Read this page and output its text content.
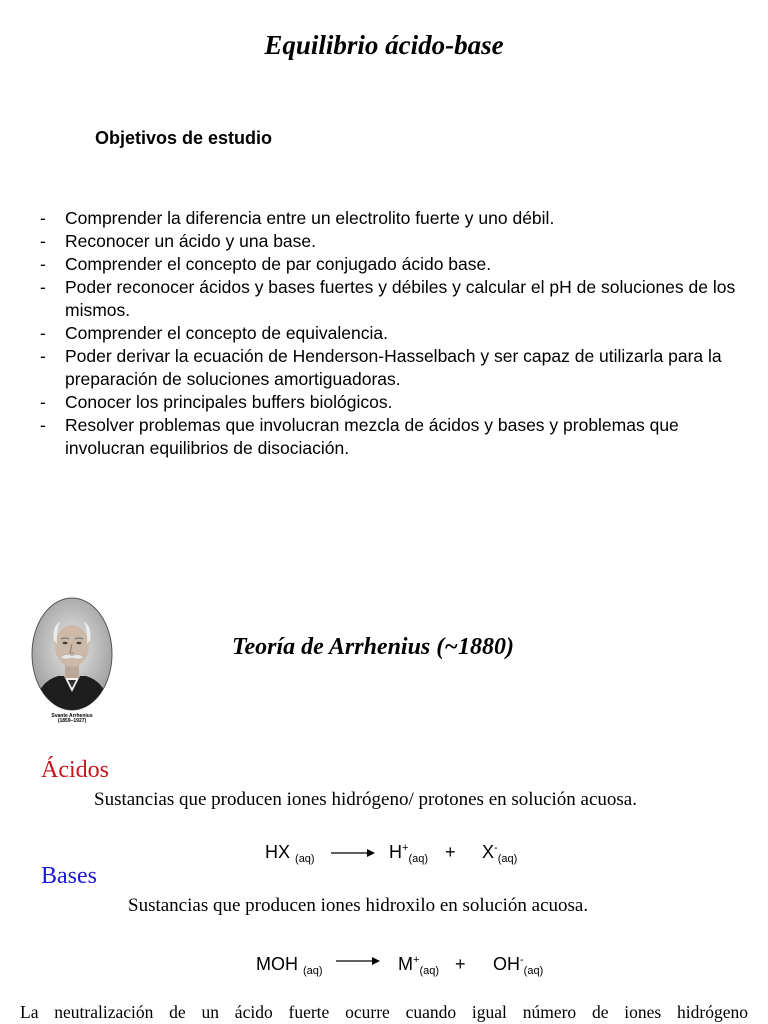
Equilibrio ácido-base
Objetivos de estudio
- Comprender la diferencia entre un electrolito fuerte y uno débil.
- Reconocer un ácido y una base.
- Comprender el concepto de par conjugado ácido base.
- Poder reconocer ácidos y bases fuertes y débiles y calcular el pH de soluciones de los mismos.
- Comprender el concepto de equivalencia.
- Poder derivar la ecuación de Henderson-Hasselbach y ser capaz de utilizarla para la preparación de soluciones amortiguadoras.
- Conocer los principales buffers biológicos.
- Resolver problemas que involucran mezcla de ácidos y bases y problemas que involucran equilibrios de disociación.
Svante Arrhenius
(1859–1927)
Teoría de Arrhenius (~1880)
Ácidos
Sustancias que producen iones hidrógeno/ protones en solución acuosa.
HX $_{(aq)} \to H^+_{(aq)} + X^-_{(aq)}$
Bases
Sustancias que producen iones hidroxilo en solución acuosa.
MOH $_{(aq)} \to M^+_{(aq)} + OH^-_{(aq)}$
La neutralización de un ácido fuerte ocurre cuando igual número de iones hidrógeno
